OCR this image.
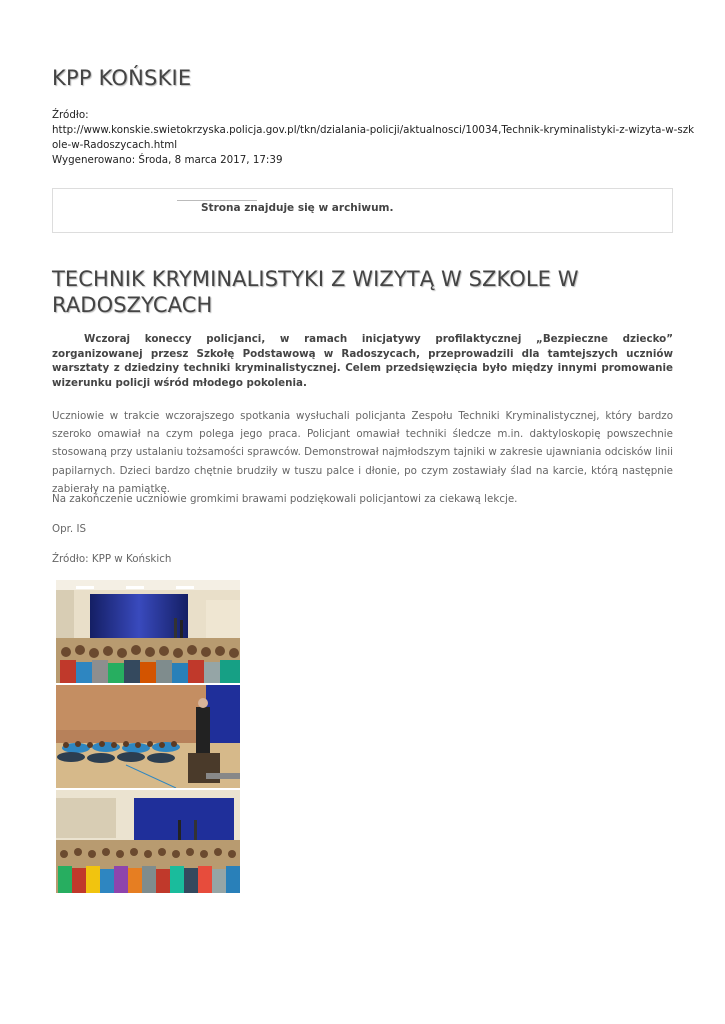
KPP KOŃSKIE
Źródło:
http://www.konskie.swietokrzyska.policja.gov.pl/tkn/dzialania-policji/aktualnosci/10034,Technik-kryminalistyki-z-wizyta-w-szk
ole-w-Radoszycach.html
Wygenerowano: Środa, 8 marca 2017, 17:39
Strona znajduje się w archiwum.
TECHNIK KRYMINALISTYKI Z WIZYTĄ W SZKOLE W RADOSZYCACH

Wczoraj koneccy policjanci, w ramach inicjatywy profilaktycznej „Bezpieczne dziecko” zorganizowanej przesz Szkołę Podstawową w Radoszycach, przeprowadzili dla tamtejszych uczniów warsztaty z dziedziny techniki kryminalistycznej. Celem przedsięwzięcia było między innymi promowanie wizerunku policji wśród młodego pokolenia.

Uczniowie w trakcie wczorajszego spotkania wysłuchali policjanta Zespołu Techniki Kryminalistycznej, który bardzo szeroko omawiał na czym polega jego praca. Policjant omawiał techniki śledcze m.in. daktyloskopię powszechnie stosowaną przy ustalaniu tożsamości sprawców. Demonstrował najmłodszym tajniki w zakresie ujawniania odcisków linii papilarnych. Dzieci bardzo chętnie brudziły w tuszu palce i dłonie, po czym zostawiały ślad na karcie, którą następnie zabierały na pamiątkę.

Na zakończenie uczniowie gromkimi brawami podziękowali policjantowi za ciekawą lekcje.

Opr. IS

Źródło: KPP w Końskich
